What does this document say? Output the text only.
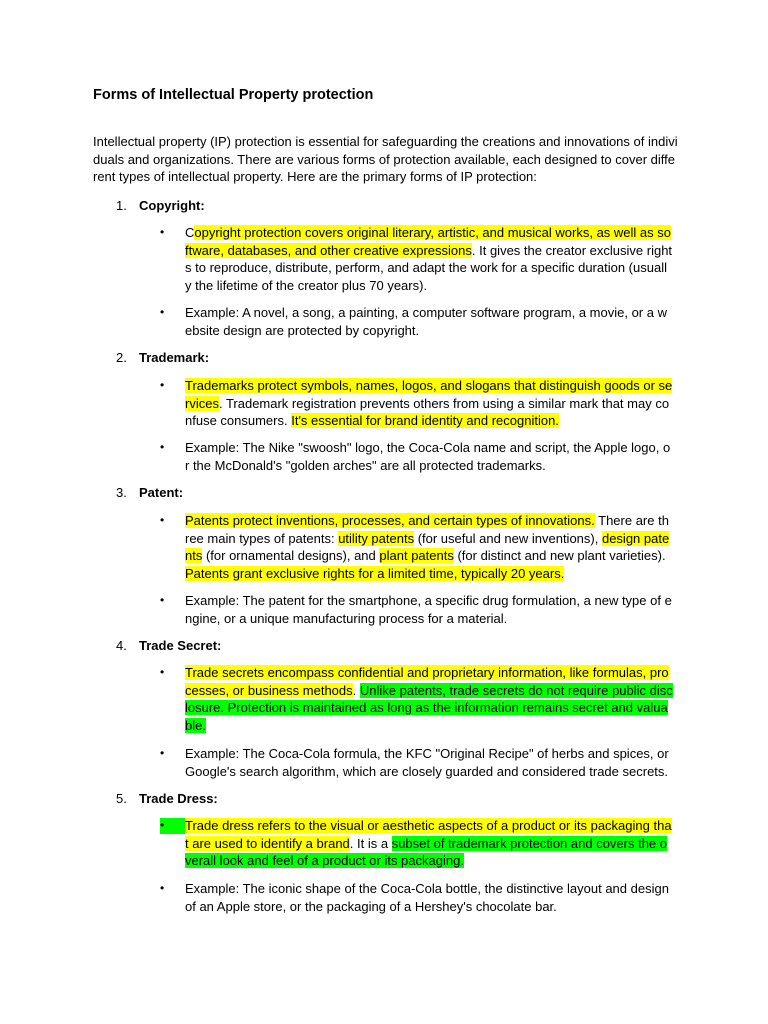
Forms of Intellectual Property protection
Intellectual property (IP) protection is essential for safeguarding the creations and innovations of individuals and organizations. There are various forms of protection available, each designed to cover different types of intellectual property. Here are the primary forms of IP protection:
1. Copyright:
• Copyright protection covers original literary, artistic, and musical works, as well as software, databases, and other creative expressions. It gives the creator exclusive rights to reproduce, distribute, perform, and adapt the work for a specific duration (usually the lifetime of the creator plus 70 years).
• Example: A novel, a song, a painting, a computer software program, a movie, or a website design are protected by copyright.
2. Trademark:
• Trademarks protect symbols, names, logos, and slogans that distinguish goods or services. Trademark registration prevents others from using a similar mark that may confuse consumers. It's essential for brand identity and recognition.
• Example: The Nike "swoosh" logo, the Coca-Cola name and script, the Apple logo, or the McDonald's "golden arches" are all protected trademarks.
3. Patent:
• Patents protect inventions, processes, and certain types of innovations. There are three main types of patents: utility patents (for useful and new inventions), design patents (for ornamental designs), and plant patents (for distinct and new plant varieties). Patents grant exclusive rights for a limited time, typically 20 years.
• Example: The patent for the smartphone, a specific drug formulation, a new type of engine, or a unique manufacturing process for a material.
4. Trade Secret:
• Trade secrets encompass confidential and proprietary information, like formulas, processes, or business methods. Unlike patents, trade secrets do not require public disclosure. Protection is maintained as long as the information remains secret and valuable.
• Example: The Coca-Cola formula, the KFC "Original Recipe" of herbs and spices, or Google's search algorithm, which are closely guarded and considered trade secrets.
5. Trade Dress:
• Trade dress refers to the visual or aesthetic aspects of a product or its packaging that are used to identify a brand. It is a subset of trademark protection and covers the overall look and feel of a product or its packaging.
• Example: The iconic shape of the Coca-Cola bottle, the distinctive layout and design of an Apple store, or the packaging of a Hershey's chocolate bar.
